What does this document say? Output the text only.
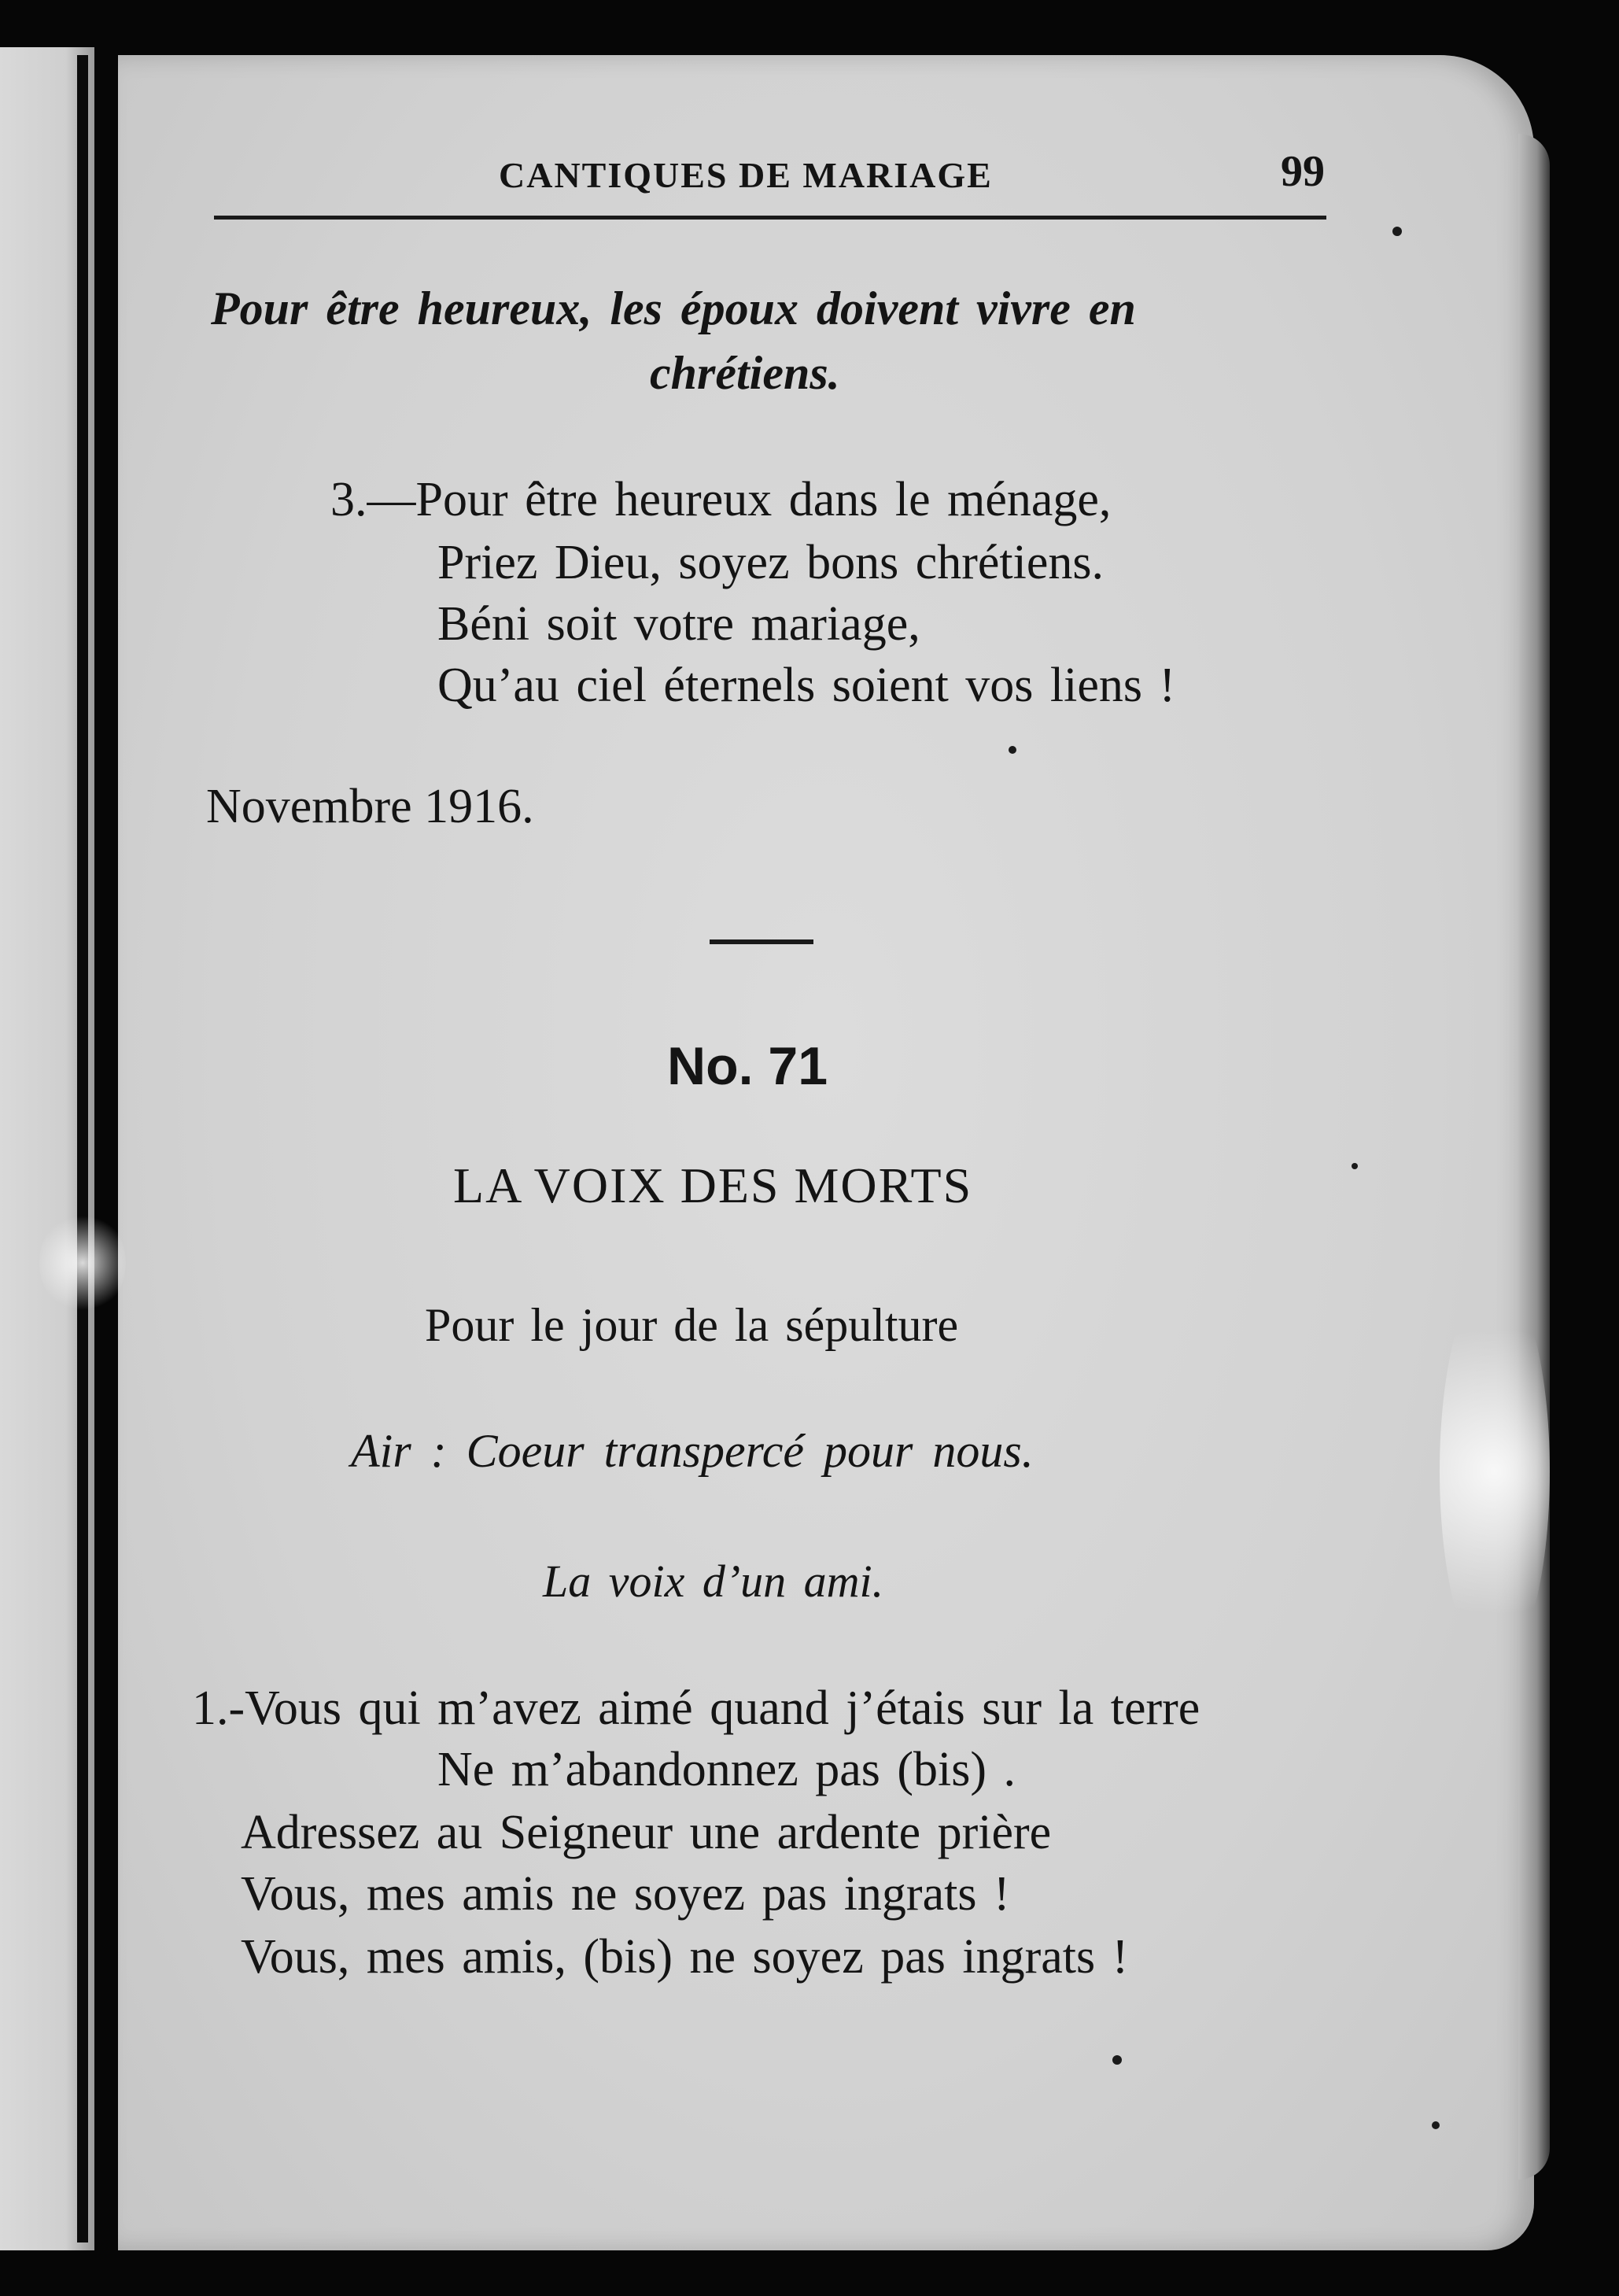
CANTIQUES DE MARIAGE	99
Pour être heureux, les époux doivent vivre en
chrétiens.
3.—Pour être heureux dans le ménage,
Priez Dieu, soyez bons chrétiens.
Béni soit votre mariage,
Qu’au ciel éternels soient vos liens !
Novembre 1916.
No. 71
LA VOIX DES MORTS
Pour le jour de la sépulture
Air : Coeur transpercé pour nous.
La voix d’un ami.
1.-Vous qui m’avez aimé quand j’étais sur la terre
Ne m’abandonnez pas (bis) .
Adressez au Seigneur une ardente prière
Vous, mes amis ne soyez pas ingrats !
Vous, mes amis, (bis) ne soyez pas ingrats !
